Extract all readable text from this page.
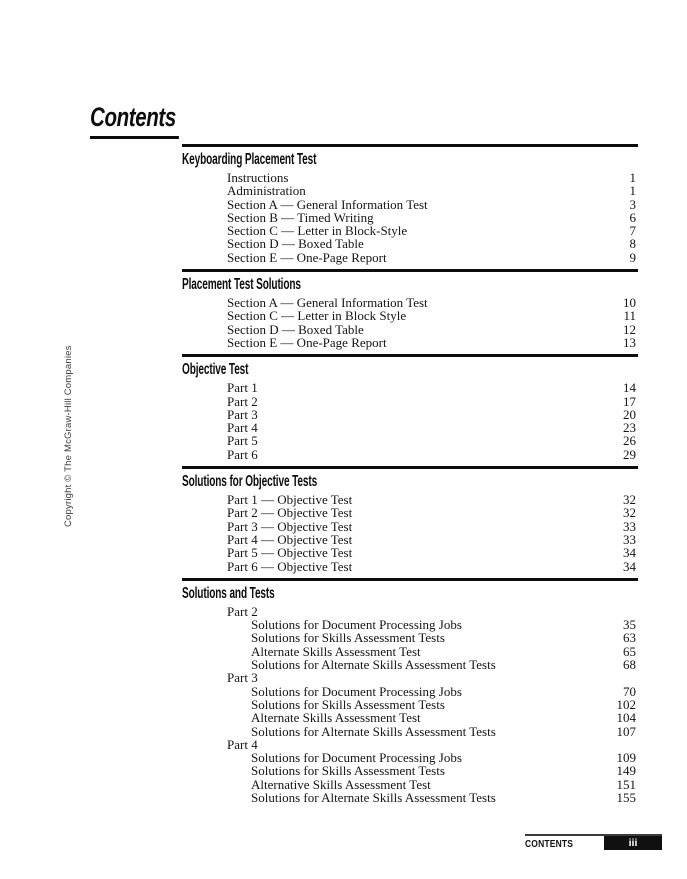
Contents
Copyright © The McGraw-Hill Companies
Keyboarding Placement Test
Instructions	1
Administration	1
Section A — General Information Test	3
Section B — Timed Writing	6
Section C — Letter in Block-Style	7
Section D — Boxed Table	8
Section E — One-Page Report	9
Placement Test Solutions
Section A — General Information Test	10
Section C — Letter in Block Style	11
Section D — Boxed Table	12
Section E — One-Page Report	13
Objective Test
Part 1	14
Part 2	17
Part 3	20
Part 4	23
Part 5	26
Part 6	29
Solutions for Objective Tests
Part 1 — Objective Test	32
Part 2 — Objective Test	32
Part 3 — Objective Test	33
Part 4 — Objective Test	33
Part 5 — Objective Test	34
Part 6 — Objective Test	34
Solutions and Tests
Part 2
Solutions for Document Processing Jobs	35
Solutions for Skills Assessment Tests	63
Alternate Skills Assessment Test	65
Solutions for Alternate Skills Assessment Tests	68
Part 3
Solutions for Document Processing Jobs	70
Solutions for Skills Assessment Tests	102
Alternate Skills Assessment Test	104
Solutions for Alternate Skills Assessment Tests	107
Part 4
Solutions for Document Processing Jobs	109
Solutions for Skills Assessment Tests	149
Alternative Skills Assessment Test	151
Solutions for Alternate Skills Assessment Tests	155
CONTENTS	iii
